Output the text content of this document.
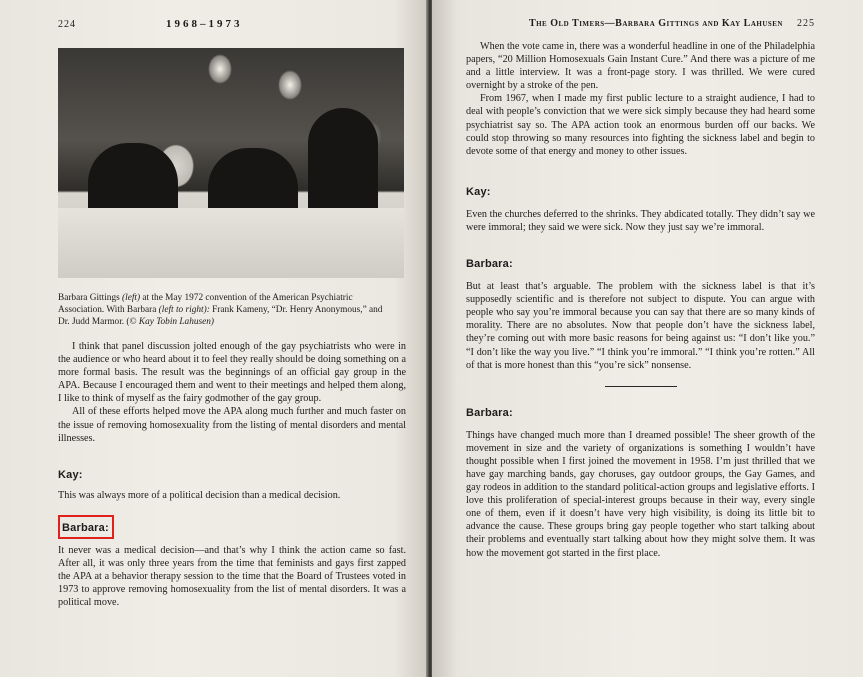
224	1968–1973

Barbara Gittings (left) at the May 1972 convention of the American Psychiatric Association. With Barbara (left to right): Frank Kameny, “Dr. Henry Anonymous,” and Dr. Judd Marmor. (© Kay Tobin Lahusen)

I think that panel discussion jolted enough of the gay psychiatrists who were in the audience or who heard about it to feel they really should be doing something on a more formal basis. The result was the beginnings of an official gay group in the APA. Because I encouraged them and went to their meetings and helped them along, I like to think of myself as the fairy godmother of the gay group.

All of these efforts helped move the APA along much further and much faster on the issue of removing homosexuality from the listing of mental disorders and mental illnesses.

Kay:

This was always more of a political decision than a medical decision.

Barbara:

It never was a medical decision—and that’s why I think the action came so fast. After all, it was only three years from the time that feminists and gays first zapped the APA at a behavior therapy session to the time that the Board of Trustees voted in 1973 to approve removing homosexuality from the list of mental disorders. It was a political move.

The Old Timers—Barbara Gittings and Kay Lahusen 225

When the vote came in, there was a wonderful headline in one of the Philadelphia papers, “20 Million Homosexuals Gain Instant Cure.” And there was a picture of me and a little interview. It was a front-page story. I was thrilled. We were cured overnight by a stroke of the pen.

From 1967, when I made my first public lecture to a straight audience, I had to deal with people’s conviction that we were sick simply because they had heard some psychiatrist say so. The APA action took an enormous burden off our backs. We could stop throwing so many resources into fighting the sickness label and begin to devote some of that energy and money to other issues.

Kay:

Even the churches deferred to the shrinks. They abdicated totally. They didn’t say we were immoral; they said we were sick. Now they just say we’re immoral.

Barbara:

But at least that’s arguable. The problem with the sickness label is that it’s supposedly scientific and is therefore not subject to dispute. You can argue with people who say you’re immoral because you can say that there are so many kinds of morality. There are no absolutes. Now that people don’t have the sickness label, they’re coming out with more basic reasons for being against us: “I don’t like you.” “I don’t like the way you live.” “I think you’re immoral.” “I think you’re rotten.” All of that is more honest than this “you’re sick” nonsense.

Barbara:

Things have changed much more than I dreamed possible! The sheer growth of the movement in size and the variety of organizations is something I wouldn’t have thought possible when I first joined the movement in 1958. I’m just thrilled that we have gay marching bands, gay choruses, gay outdoor groups, the Gay Games, and gay rodeos in addition to the standard political-action groups and legislative efforts. I love this proliferation of special-interest groups because in their way, every single one of them, even if it doesn’t have very high visibility, is doing its little bit to advance the cause. These groups bring gay people together who start talking about their problems and eventually start talking about how they might solve them. It was how the movement got started in the first place.
